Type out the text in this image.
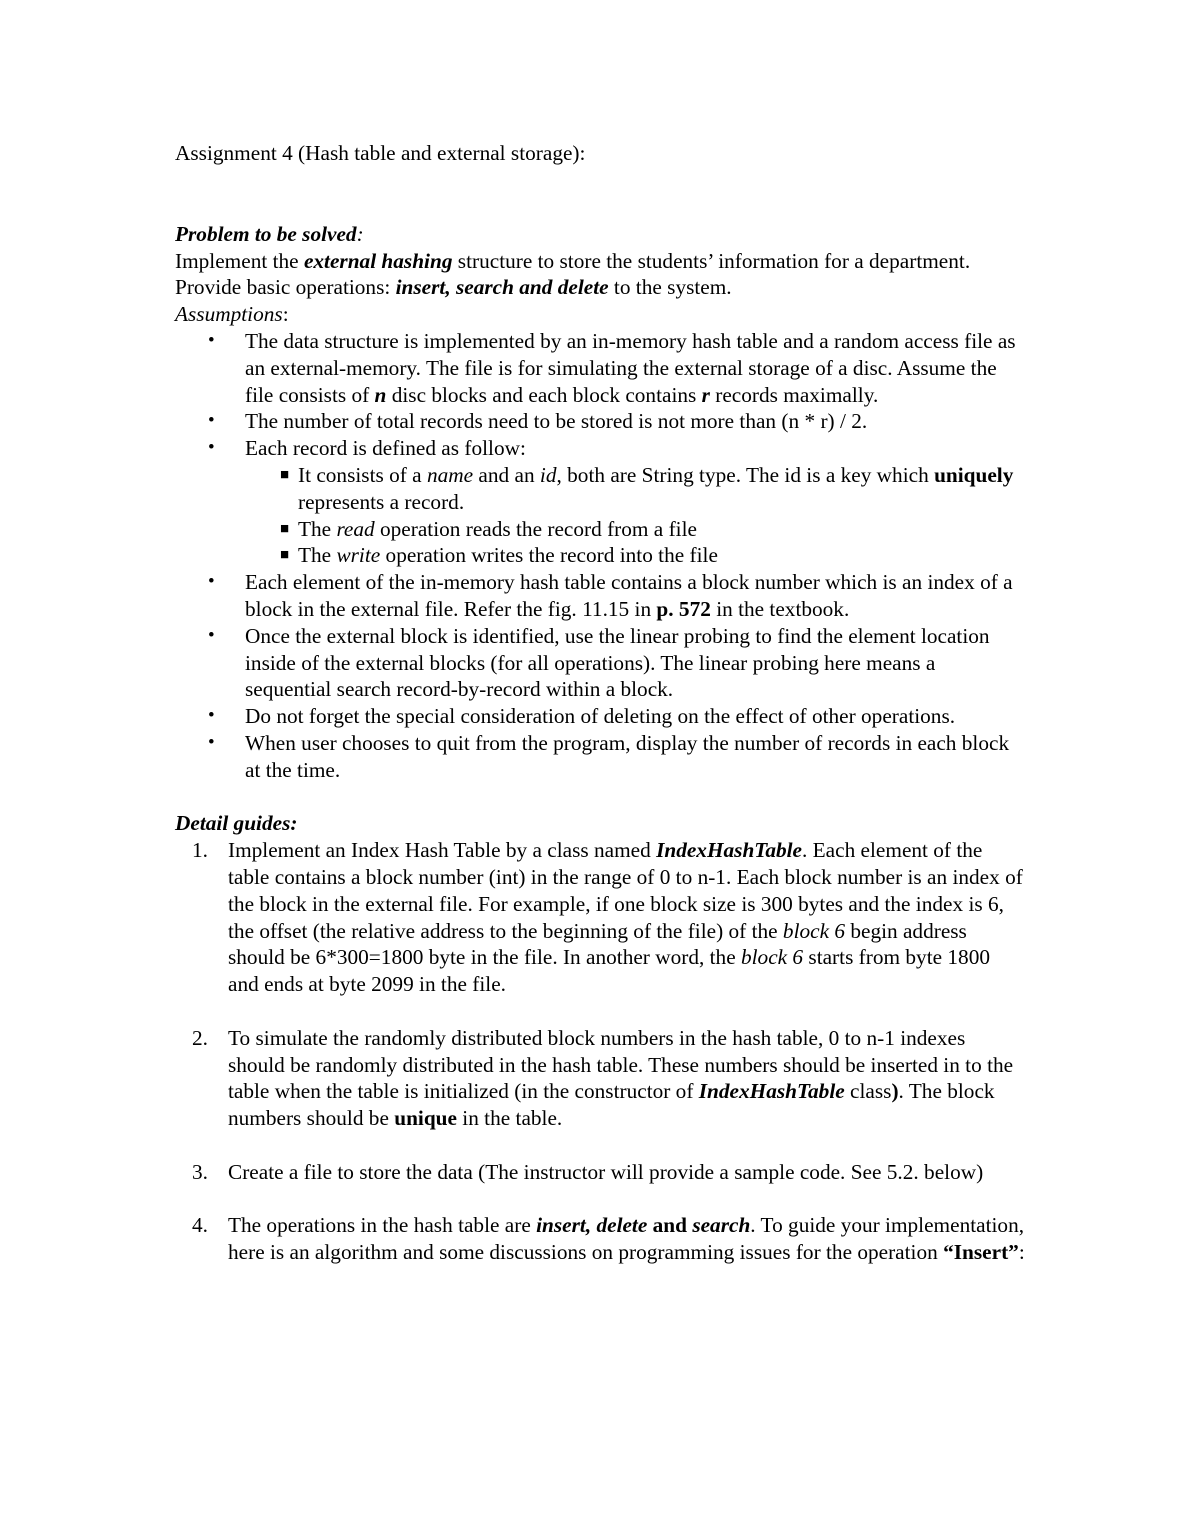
Assignment 4 (Hash table and external storage):

Problem to be solved:

Implement the external hashing structure to store the students’ information for a department. Provide basic operations: insert, search and delete to the system.

Assumptions:

• The data structure is implemented by an in-memory hash table and a random access file as an external-memory. The file is for simulating the external storage of a disc. Assume the file consists of n disc blocks and each block contains r records maximally.
• The number of total records need to be stored is not more than (n * r) / 2.
• Each record is defined as follow:
■ It consists of a name and an id, both are String type. The id is a key which uniquely represents a record.
■ The read operation reads the record from a file
■ The write operation writes the record into the file
• Each element of the in-memory hash table contains a block number which is an index of a block in the external file. Refer the fig. 11.15 in p. 572 in the textbook.
• Once the external block is identified, use the linear probing to find the element location inside of the external blocks (for all operations). The linear probing here means a sequential search record-by-record within a block.
• Do not forget the special consideration of deleting on the effect of other operations.
• When user chooses to quit from the program, display the number of records in each block at the time.

Detail guides:

1. Implement an Index Hash Table by a class named IndexHashTable. Each element of the table contains a block number (int) in the range of 0 to n-1. Each block number is an index of the block in the external file. For example, if one block size is 300 bytes and the index is 6, the offset (the relative address to the beginning of the file) of the block 6 begin address should be 6*300=1800 byte in the file. In another word, the block 6 starts from byte 1800 and ends at byte 2099 in the file.
2. To simulate the randomly distributed block numbers in the hash table, 0 to n-1 indexes should be randomly distributed in the hash table. These numbers should be inserted in to the table when the table is initialized (in the constructor of IndexHashTable class). The block numbers should be unique in the table.
3. Create a file to store the data (The instructor will provide a sample code. See 5.2. below)
4. The operations in the hash table are insert, delete and search. To guide your implementation, here is an algorithm and some discussions on programming issues for the operation “Insert”:
